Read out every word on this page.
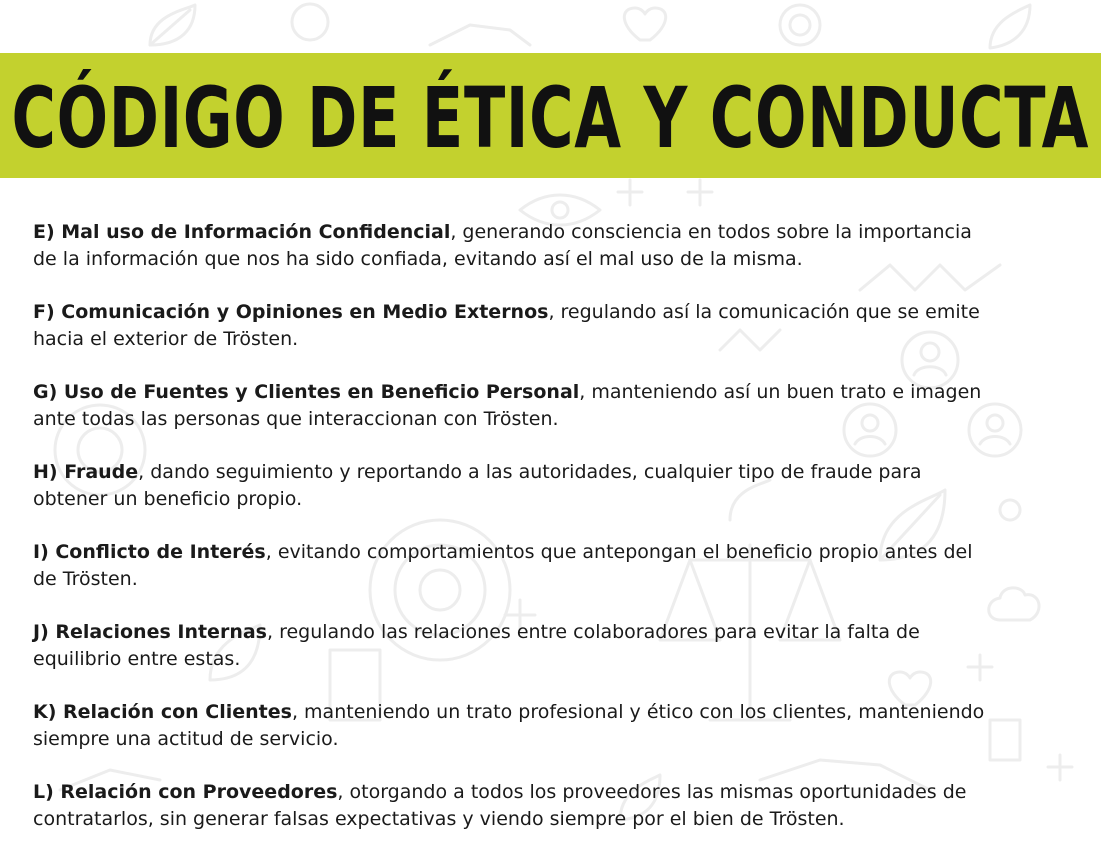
CÓDIGO DE ÉTICA Y CONDUCTA

E) Mal uso de Información Confidencial, generando consciencia en todos sobre la importancia de la información que nos ha sido confiada, evitando así el mal uso de la misma.

F) Comunicación y Opiniones en Medio Externos, regulando así la comunicación que se emite hacia el exterior de Trösten.

G) Uso de Fuentes y Clientes en Beneficio Personal, manteniendo así un buen trato e imagen ante todas las personas que interaccionan con Trösten.

H) Fraude, dando seguimiento y reportando a las autoridades, cualquier tipo de fraude para obtener un beneficio propio.

I) Conflicto de Interés, evitando comportamientos que antepongan el beneficio propio antes del de Trösten.

J) Relaciones Internas, regulando las relaciones entre colaboradores para evitar la falta de equilibrio entre estas.

K) Relación con Clientes, manteniendo un trato profesional y ético con los clientes, manteniendo siempre una actitud de servicio.

L) Relación con Proveedores, otorgando a todos los proveedores las mismas oportunidades de contratarlos, sin generar falsas expectativas y viendo siempre por el bien de Trösten.
